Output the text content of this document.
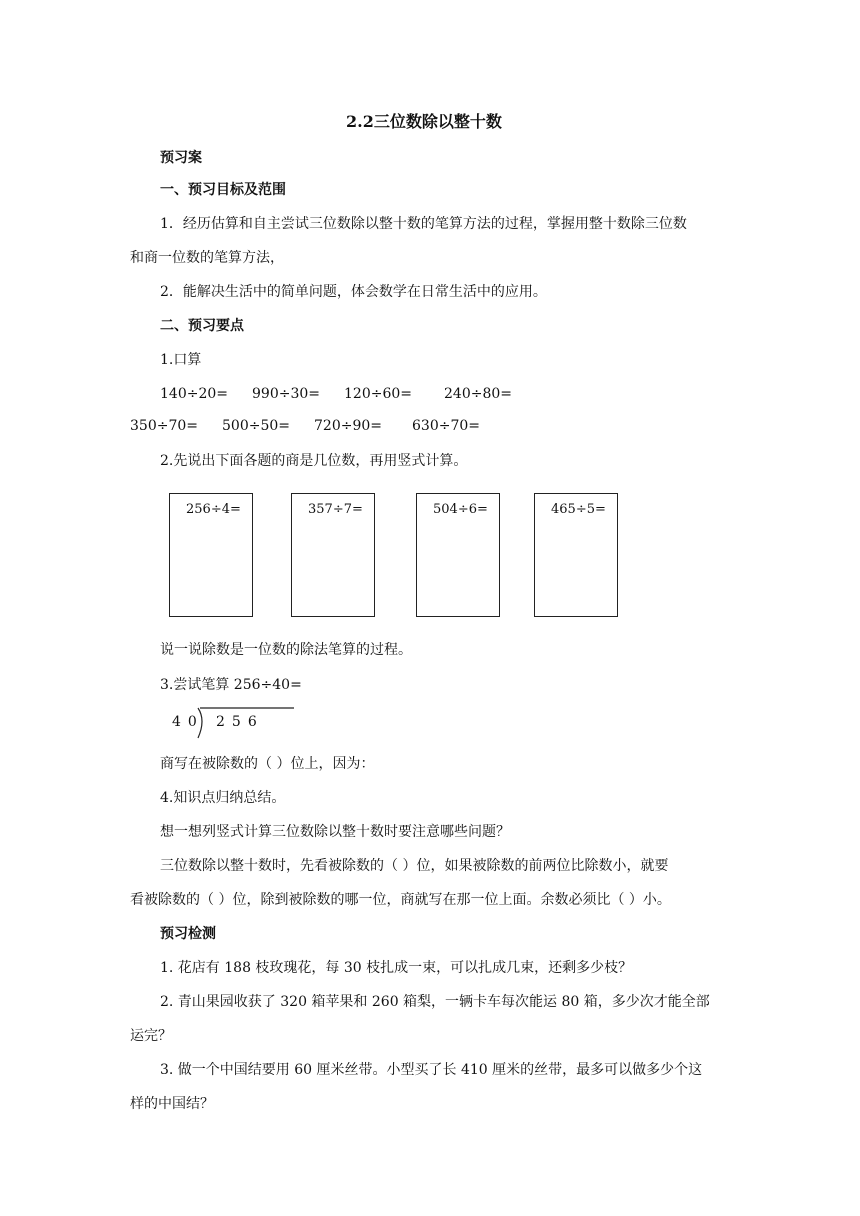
2.2三位数除以整十数
预习案
一、预习目标及范围
1．经历估算和自主尝试三位数除以整十数的笔算方法的过程，掌握用整十数除三位数
和商一位数的笔算方法，
2．能解决生活中的简单问题，体会数学在日常生活中的应用。
二、预习要点
1.口算
140÷20= 990÷30= 120÷60= 240÷80=
350÷70= 500÷50= 720÷90= 630÷70=
2.先说出下面各题的商是几位数，再用竖式计算。
256÷4=	357÷7=	504÷6=	465÷5=
说一说除数是一位数的除法笔算的过程。
3.尝试笔算 256÷40=
40 256
商写在被除数的（ ）位上，因为：
4.知识点归纳总结。
想一想列竖式计算三位数除以整十数时要注意哪些问题？
三位数除以整十数时，先看被除数的（ ）位，如果被除数的前两位比除数小，就要
看被除数的（ ）位，除到被除数的哪一位，商就写在那一位上面。余数必须比（ ）小。
预习检测
1. 花店有 188 枝玫瑰花，每 30 枝扎成一束，可以扎成几束，还剩多少枝？
2. 青山果园收获了 320 箱苹果和 260 箱梨，一辆卡车每次能运 80 箱，多少次才能全部
运完？
3. 做一个中国结要用 60 厘米丝带。小型买了长 410 厘米的丝带，最多可以做多少个这
样的中国结？
